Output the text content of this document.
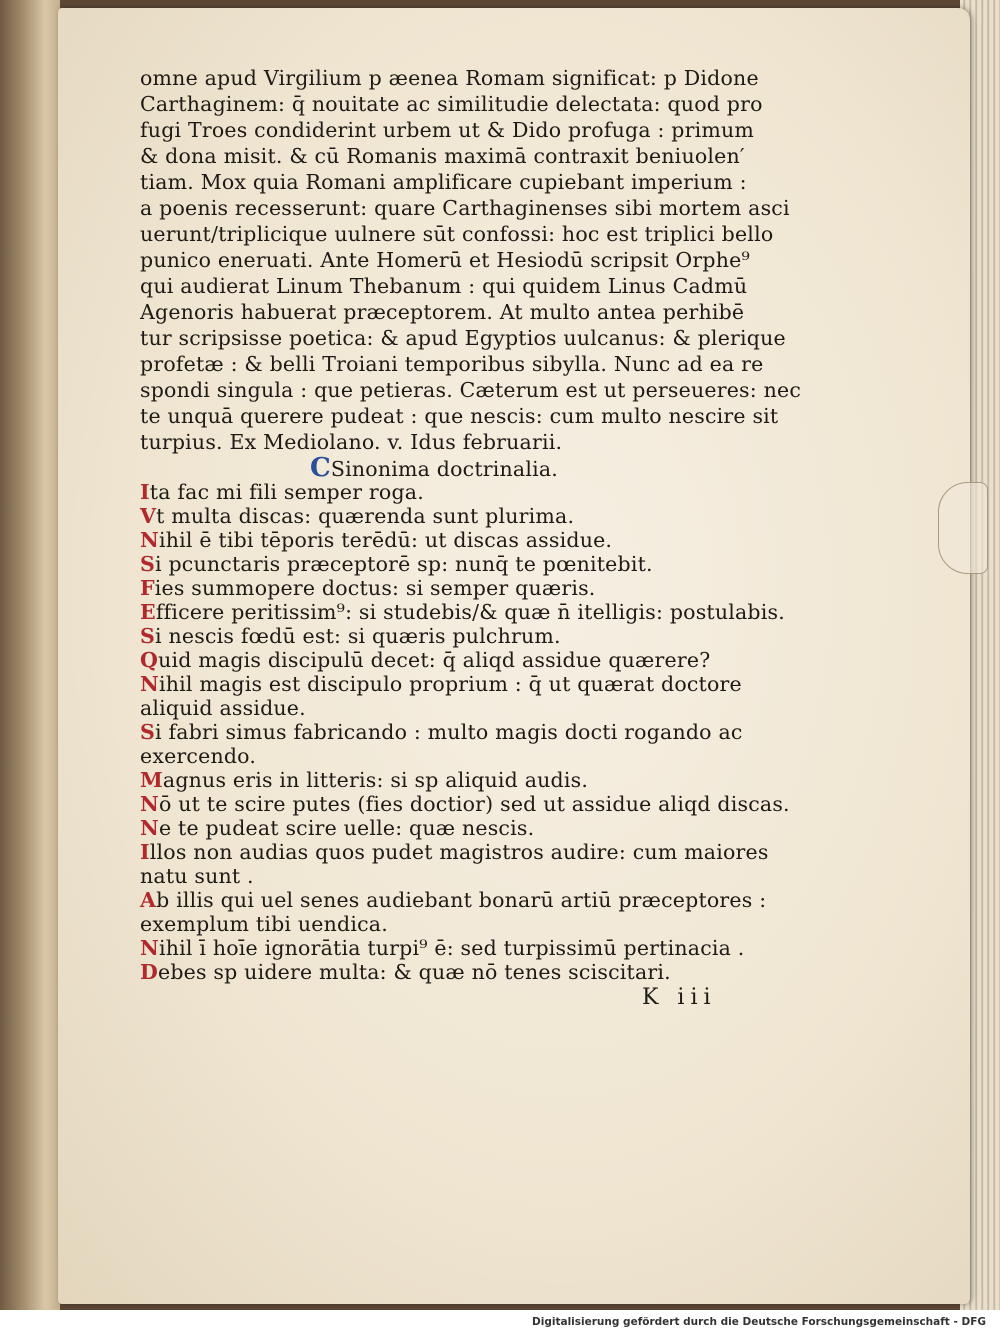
omne apud Virgilium p æenea Romam significat: p Didone
Carthaginem: q̄ nouitate ac similitudie delectata: quod pro
fugi Troes condiderint urbem ut & Dido profuga : primum
& dona misit. & cū Romanis maximā contraxit beniuolen′
tiam. Mox quia Romani amplificare cupiebant imperium :
a poenis recesserunt: quare Carthaginenses sibi mortem asci
uerunt/triplicique uulnere sūt confossi: hoc est triplici bello
punico eneruati. Ante Homerū et Hesiodū scripsit Orphe⁹
qui audierat Linum Thebanum : qui quidem Linus Cadmū
Agenoris habuerat præceptorem. At multo antea perhibē
tur scripsisse poetica: & apud Egyptios uulcanus: & plerique
profetæ : & belli Troiani temporibus sibylla. Nunc ad ea re
spondi singula : que petieras. Cæterum est ut perseueres: nec
te unquā querere pudeat : que nescis: cum multo nescire sit
turpius. Ex Mediolano. v. Idus februarii.
CSinonima doctrinalia.
Ita fac mi fili semper roga.
Vt multa discas: quærenda sunt plurima.
Nihil ē tibi tēporis terēdū: ut discas assidue.
Si pcunctaris præceptorē sp: nunq̄ te pœnitebit.
Fies summopere doctus: si semper quæris.
Efficere peritissim⁹: si studebis/& quæ n̄ itelligis: postulabis.
Si nescis fœdū est: si quæris pulchrum.
Quid magis discipulū decet: q̄ aliqd assidue quærere?
Nihil magis est discipulo proprium : q̄ ut quærat doctore
aliquid assidue.
Si fabri simus fabricando : multo magis docti rogando ac
exercendo.
Magnus eris in litteris: si sp aliquid audis.
Nō ut te scire putes (fies doctior) sed ut assidue aliqd discas.
Ne te pudeat scire uelle: quæ nescis.
Illos non audias quos pudet magistros audire: cum maiores
natu sunt .
Ab illis qui uel senes audiebant bonarū artiū præceptores :
exemplum tibi uendica.
Nihil ī hoīe ignorātia turpi⁹ ē: sed turpissimū pertinacia .
Debes sp uidere multa: & quæ nō tenes sciscitari.
K iii
Digitalisierung gefördert durch die Deutsche Forschungsgemeinschaft - DFG
